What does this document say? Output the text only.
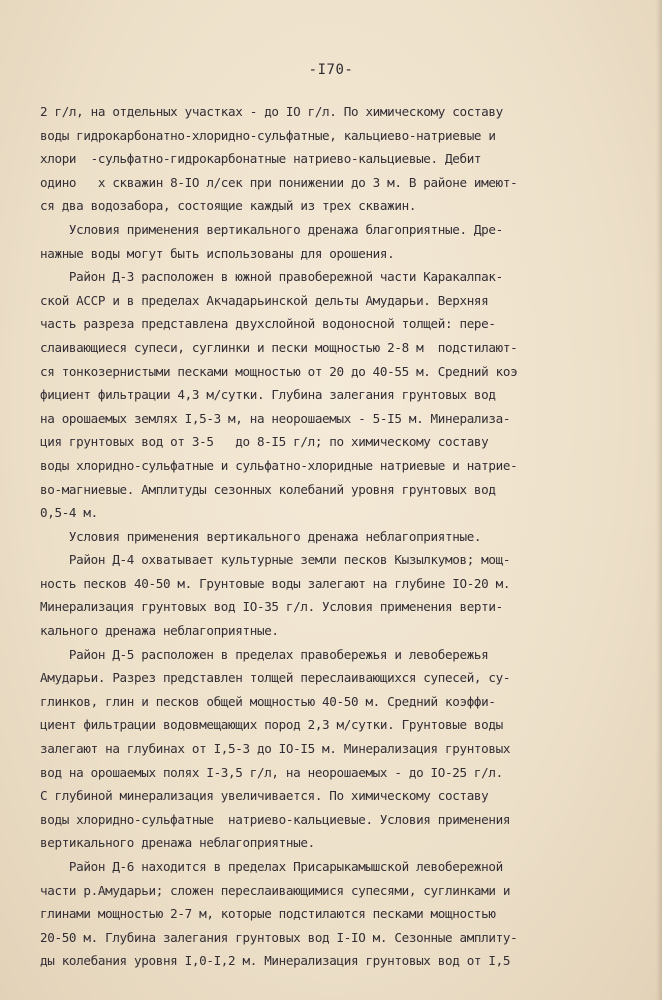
-I70-
2 г/л, на отдельных участках - до IO г/л. По химическому составу
воды гидрокарбонатно-хлоридно-сульфатные, кальциево-натриевые и
хлори  -сульфатно-гидрокарбонатные натриево-кальциевые. Дебит
одино   х скважин 8-IO л/сек при понижении до 3 м. В районе имеют-
ся два водозабора, состоящие каждый из трех скважин.
Условия применения вертикального дренажа благоприятные. Дре-
нажные воды могут быть использованы для орошения.
Район Д-3 расположен в южной правобережной части Каракалпак-
ской АССР и в пределах Акчадарьинской дельты Амударьи. Верхняя
часть разреза представлена двухслойной водоносной толщей: пере-
слаивающиеся супеси, суглинки и пески мощностью 2-8 м  подстилают-
ся тонкозернистыми песками мощностью от 20 до 40-55 м. Средний коэ
фициент фильтрации 4,3 м/сутки. Глубина залегания грунтовых вод
на орошаемых землях I,5-3 м, на неорошаемых - 5-I5 м. Минерализа-
ция грунтовых вод от 3-5   до 8-I5 г/л; по химическому составу
воды хлоридно-сульфатные и сульфатно-хлоридные натриевые и натрие-
во-магниевые. Амплитуды сезонных колебаний уровня грунтовых вод
0,5-4 м.
Условия применения вертикального дренажа неблагоприятные.
Район Д-4 охватывает культурные земли песков Кызылкумов; мощ-
ность песков 40-50 м. Грунтовые воды залегают на глубине IO-20 м.
Минерализация грунтовых вод IO-35 г/л. Условия применения верти-
кального дренажа неблагоприятные.
Район Д-5 расположен в пределах правобережья и левобережья
Амударьи. Разрез представлен толщей переслаивающихся супесей, су-
глинков, глин и песков общей мощностью 40-50 м. Средний коэффи-
циент фильтрации водовмещающих пород 2,3 м/сутки. Грунтовые воды
залегают на глубинах от I,5-3 до IO-I5 м. Минерализация грунтовых
вод на орошаемых полях I-3,5 г/л, на неорошаемых - до IO-25 г/л.
С глубиной минерализация увеличивается. По химическому составу
воды хлоридно-сульфатные  натриево-кальциевые. Условия применения
вертикального дренажа неблагоприятные.
Район Д-6 находится в пределах Присарыкамышской левобережной
части р.Амударьи; сложен переслаивающимися супесями, суглинками и
глинами мощностью 2-7 м, которые подстилаются песками мощностью
20-50 м. Глубина залегания грунтовых вод I-IO м. Сезонные амплиту-
ды колебания уровня I,0-I,2 м. Минерализация грунтовых вод от I,5
